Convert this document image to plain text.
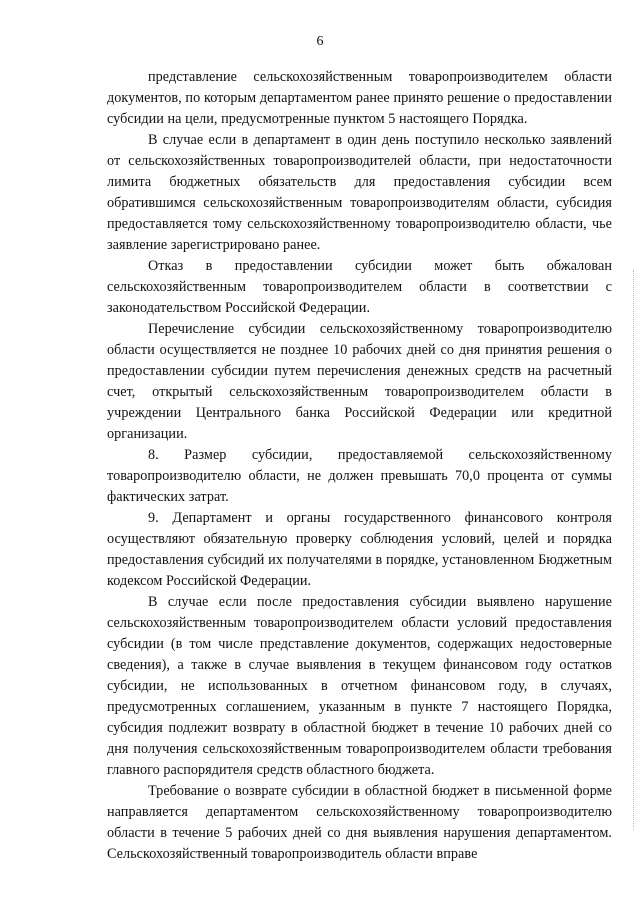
6

представление сельскохозяйственным товаропроизводителем области документов, по которым департаментом ранее принято решение о предоставлении субсидии на цели, предусмотренные пунктом 5 настоящего Порядка.

В случае если в департамент в один день поступило несколько заявлений от сельскохозяйственных товаропроизводителей области, при недостаточности лимита бюджетных обязательств для предоставления субсидии всем обратившимся сельскохозяйственным товаропроизводителям области, субсидия предоставляется тому сельскохозяйственному товаропроизводителю области, чье заявление зарегистрировано ранее.

Отказ в предоставлении субсидии может быть обжалован сельскохозяйственным товаропроизводителем области в соответствии с законодательством Российской Федерации.

Перечисление субсидии сельскохозяйственному товаропроизводителю области осуществляется не позднее 10 рабочих дней со дня принятия решения о предоставлении субсидии путем перечисления денежных средств на расчетный счет, открытый сельскохозяйственным товаропроизводителем области в учреждении Центрального банка Российской Федерации или кредитной организации.

8. Размер субсидии, предоставляемой сельскохозяйственному товаропроизводителю области, не должен превышать 70,0 процента от суммы фактических затрат.

9. Департамент и органы государственного финансового контроля осуществляют обязательную проверку соблюдения условий, целей и порядка предоставления субсидий их получателями в порядке, установленном Бюджетным кодексом Российской Федерации.

В случае если после предоставления субсидии выявлено нарушение сельскохозяйственным товаропроизводителем области условий предоставления субсидии (в том числе представление документов, содержащих недостоверные сведения), а также в случае выявления в текущем финансовом году остатков субсидии, не использованных в отчетном финансовом году, в случаях, предусмотренных соглашением, указанным в пункте 7 настоящего Порядка, субсидия подлежит возврату в областной бюджет в течение 10 рабочих дней со дня получения сельскохозяйственным товаропроизводителем области требования главного распорядителя средств областного бюджета.

Требование о возврате субсидии в областной бюджет в письменной форме направляется департаментом сельскохозяйственному товаропроизводителю области в течение 5 рабочих дней со дня выявления нарушения департаментом. Сельскохозяйственный товаропроизводитель области вправе
